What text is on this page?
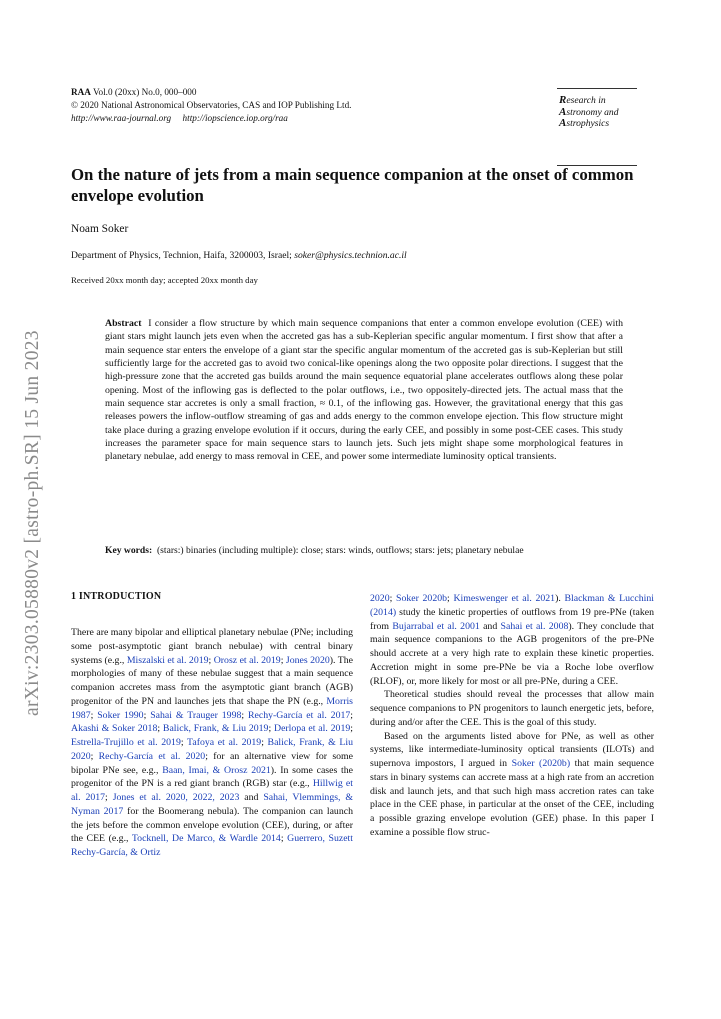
RAA Vol.0 (20xx) No.0, 000–000
© 2020 National Astronomical Observatories, CAS and IOP Publishing Ltd.
http://www.raa-journal.org http://iopscience.iop.org/raa
Research in
Astronomy and
Astrophysics
arXiv:2303.05880v2 [astro-ph.SR] 15 Jun 2023
On the nature of jets from a main sequence companion at the onset of common envelope evolution
Noam Soker
Department of Physics, Technion, Haifa, 3200003, Israel; soker@physics.technion.ac.il
Received 20xx month day; accepted 20xx month day
Abstract I consider a flow structure by which main sequence companions that enter a common envelope evolution (CEE) with giant stars might launch jets even when the accreted gas has a sub-Keplerian specific angular momentum. I first show that after a main sequence star enters the envelope of a giant star the specific angular momentum of the accreted gas is sub-Keplerian but still sufficiently large for the accreted gas to avoid two conical-like openings along the two opposite polar directions. I suggest that the high-pressure zone that the accreted gas builds around the main sequence equatorial plane accelerates outflows along these polar opening. Most of the inflowing gas is deflected to the polar outflows, i.e., two oppositely-directed jets. The actual mass that the main sequence star accretes is only a small fraction, ≈ 0.1, of the inflowing gas. However, the gravitational energy that this gas releases powers the inflow-outflow streaming of gas and adds energy to the common envelope ejection. This flow structure might take place during a grazing envelope evolution if it occurs, during the early CEE, and possibly in some post-CEE cases. This study increases the parameter space for main sequence stars to launch jets. Such jets might shape some morphological features in planetary nebulae, add energy to mass removal in CEE, and power some intermediate luminosity optical transients.
Key words: (stars:) binaries (including multiple): close; stars: winds, outflows; stars: jets; planetary nebulae
1 INTRODUCTION

There are many bipolar and elliptical planetary nebulae (PNe; including some post-asymptotic giant branch nebulae) with central binary systems (e.g., Miszalski et al. 2019; Orosz et al. 2019; Jones 2020). The morphologies of many of these nebulae suggest that a main sequence companion accretes mass from the asymptotic giant branch (AGB) progenitor of the PN and launches jets that shape the PN (e.g., Morris 1987; Soker 1990; Sahai & Trauger 1998; Rechy-García et al. 2017; Akashi & Soker 2018; Balick, Frank, & Liu 2019; Derlopa et al. 2019; Estrella-Trujillo et al. 2019; Tafoya et al. 2019; Balick, Frank, & Liu 2020; Rechy-García et al. 2020; for an alternative view for some bipolar PNe see, e.g., Baan, Imai, & Orosz 2021). In some cases the progenitor of the PN is a red giant branch (RGB) star (e.g., Hillwig et al. 2017; Jones et al. 2020, 2022, 2023 and Sahai, Vlemmings, & Nyman 2017 for the Boomerang nebula). The companion can launch the jets before the common envelope evolution (CEE), during, or after the CEE (e.g., Tocknell, De Marco, & Wardle 2014; Guerrero, Suzett Rechy-García, & Ortiz

2020; Soker 2020b; Kimeswenger et al. 2021). Blackman & Lucchini (2014) study the kinetic properties of outflows from 19 pre-PNe (taken from Bujarrabal et al. 2001 and Sahai et al. 2008). They conclude that main sequence companions to the AGB progenitors of the pre-PNe should accrete at a very high rate to explain these kinetic properties. Accretion might in some pre-PNe be via a Roche lobe overflow (RLOF), or, more likely for most or all pre-PNe, during a CEE.

Theoretical studies should reveal the processes that allow main sequence companions to PN progenitors to launch energetic jets, before, during and/or after the CEE. This is the goal of this study.

Based on the arguments listed above for PNe, as well as other systems, like intermediate-luminosity optical transients (ILOTs) and supernova impostors, I argued in Soker (2020b) that main sequence stars in binary systems can accrete mass at a high rate from an accretion disk and launch jets, and that such high mass accretion rates can take place in the CEE phase, in particular at the onset of the CEE, including a possible grazing envelope evolution (GEE) phase. In this paper I examine a possible flow struc-
